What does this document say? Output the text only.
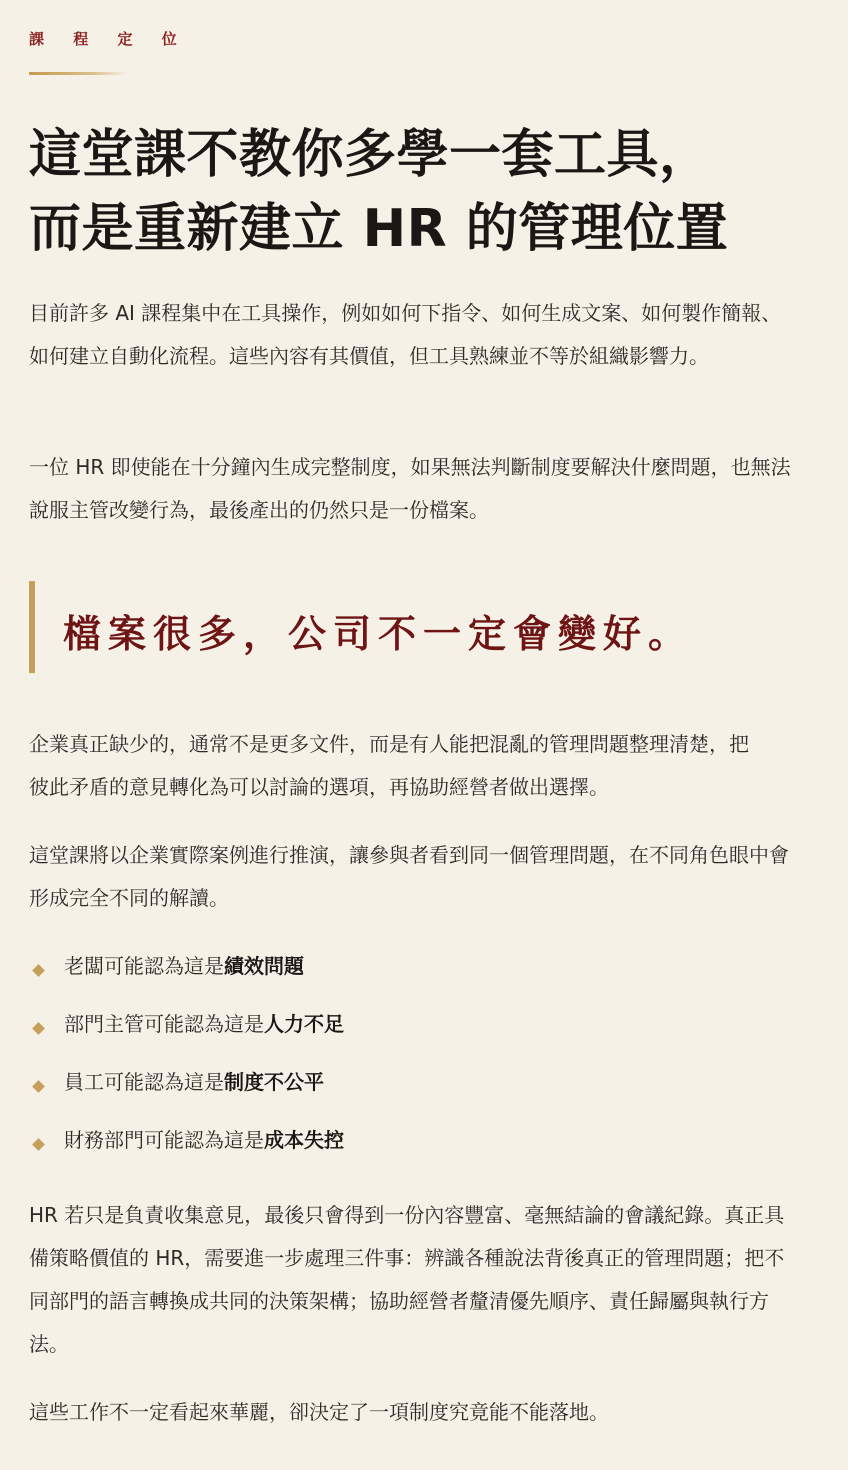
課 程 定 位
這堂課不教你多學一套工具，
而是重新建立 HR 的管理位置

目前許多 AI 課程集中在工具操作，例如如何下指令、如何生成文案、如何製作簡報、如何建立自動化流程。這些內容有其價值，但工具熟練並不等於組織影響力。

一位 HR 即使能在十分鐘內生成完整制度，如果無法判斷制度要解決什麼問題，也無法說服主管改變行為，最後產出的仍然只是一份檔案。

檔案很多，公司不一定會變好。

企業真正缺少的，通常不是更多文件，而是有人能把混亂的管理問題整理清楚，把彼此矛盾的意見轉化為可以討論的選項，再協助經營者做出選擇。

這堂課將以企業實際案例進行推演，讓參與者看到同一個管理問題，在不同角色眼中會形成完全不同的解讀。

老闆可能認為這是績效問題
部門主管可能認為這是人力不足
員工可能認為這是制度不公平
財務部門可能認為這是成本失控

HR 若只是負責收集意見，最後只會得到一份內容豐富、毫無結論的會議紀錄。真正具備策略價值的 HR，需要進一步處理三件事：辨識各種說法背後真正的管理問題；把不同部門的語言轉換成共同的決策架構；協助經營者釐清優先順序、責任歸屬與執行方法。

這些工作不一定看起來華麗，卻決定了一項制度究竟能不能落地。
